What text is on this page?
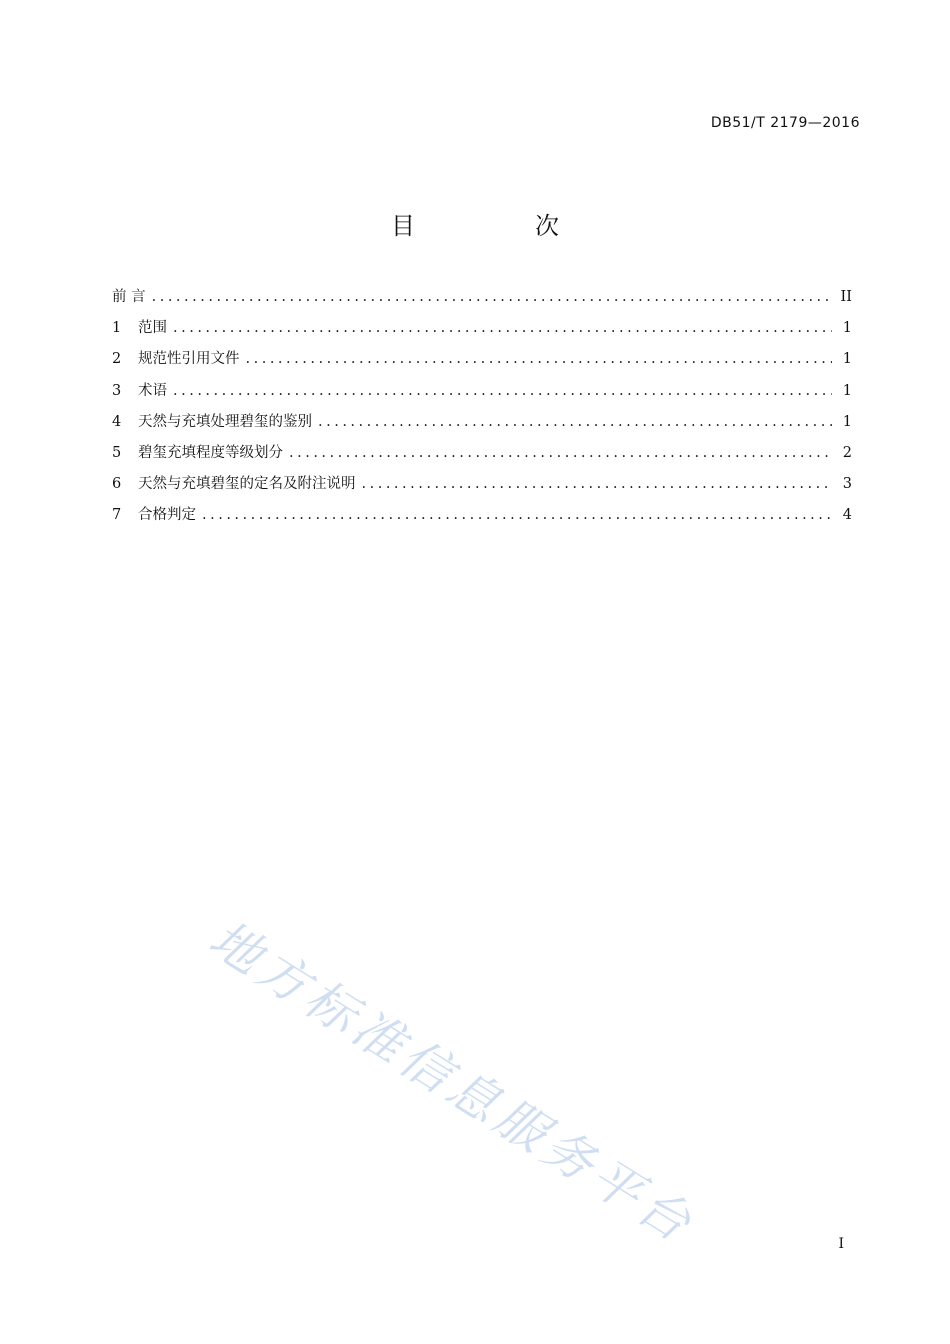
DB51/T 2179—2016
目　次
前 言 .....	II
1	范围 .....	1
2	规范性引用文件 .....	1
3	术语 .....	1
4	天然与充填处理碧玺的鉴别 .....	1
5	碧玺充填程度等级划分 .....	2
6	天然与充填碧玺的定名及附注说明 .....	3
7	合格判定 .....	4
地方标准信息服务平台	I
